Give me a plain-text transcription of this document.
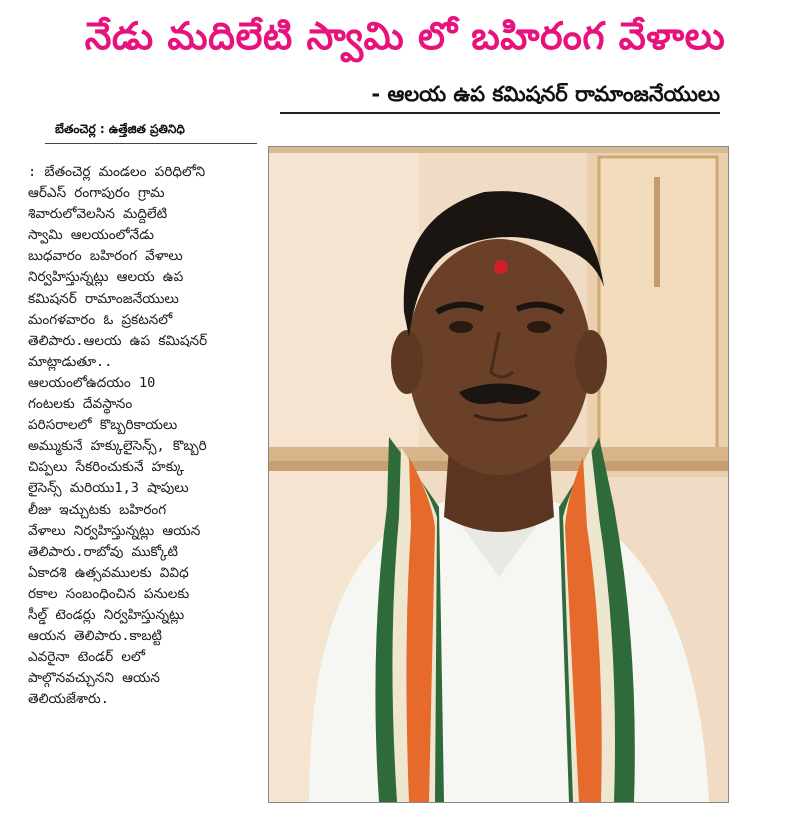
నేడు మదిలేటి స్వామి లో బహిరంగ వేళాలు
- ఆలయ ఉప కమిషనర్ రామాంజనేయులు
బేతంచెర్ల : ఉత్తేజిత ప్రతినిధి
: బేతంచెర్ల మండలం పరిధిలోని
ఆర్ఎస్ రంగాపురం గ్రామ
శివారులోవెలసిన మద్దిలేటి
స్వామి ఆలయంలోనేడు
బుధవారం బహిరంగ వేళాలు
నిర్వహిస్తున్నట్లు ఆలయ ఉప
కమిషనర్ రామాంజనేయులు
మంగళవారం ఓ ప్రకటనలో
తెలిపారు.ఆలయ ఉప కమిషనర్
మాట్లాడుతూ..
ఆలయంలోఉదయం 10
గంటలకు దేవస్థానం
పరిసరాలలో కొబ్బరికాయలు
అమ్ముకునే హక్కులైసెన్స్, కొబ్బరి
చిప్పలు సేకరించుకునే హక్కు
లైసెన్స్ మరియు1,3 షాపులు
లీజు ఇచ్చుటకు బహిరంగ
వేళాలు నిర్వహిస్తున్నట్లు ఆయన
తెలిపారు.రాబోవు ముక్కోటి
ఏకాదశి ఉత్సవములకు వివిధ
రకాల సంబంధించిన పనులకు
సీల్డ్ టెండర్లు నిర్వహిస్తున్నట్లు
ఆయన తెలిపారు.కాబట్టి
ఎవరైనా టెండర్ లలో
పాల్గొనవచ్చునని ఆయన
తెలియజేశారు.
